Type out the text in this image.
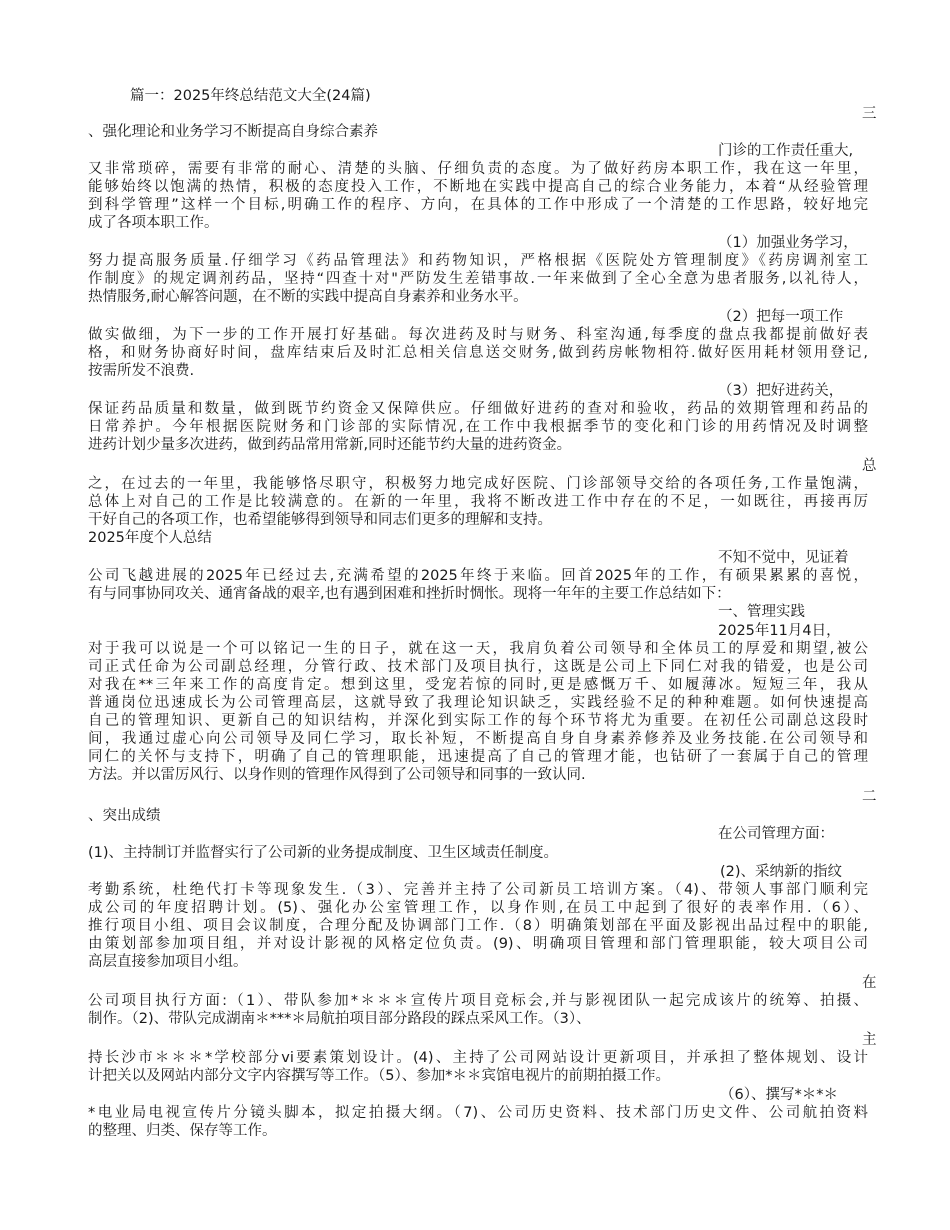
篇一：2025年终总结范文大全(24篇)
三
、强化理论和业务学习不断提高自身综合素养
门诊的工作责任重大,
又非常琐碎，需要有非常的耐心、清楚的头脑、仔细负责的态度。为了做好药房本职工作，我在这一年里，
能够始终以饱满的热情，积极的态度投入工作，不断地在实践中提高自己的综合业务能力，本着“从经验管理
到科学管理”这样一个目标,明确工作的程序、方向，在具体的工作中形成了一个清楚的工作思路，较好地完
成了各项本职工作。
（1）加强业务学习，
努力提高服务质量.仔细学习《药品管理法》和药物知识，严格根据《医院处方管理制度》《药房调剂室工
作制度》的规定调剂药品，坚持“四查十对"严防发生差错事故.一年来做到了全心全意为患者服务,以礼待人，
热情服务,耐心解答问题，在不断的实践中提高自身素养和业务水平。
（2）把每一项工作
做实做细，为下一步的工作开展打好基础。每次进药及时与财务、科室沟通,每季度的盘点我都提前做好表
格，和财务协商好时间，盘库结束后及时汇总相关信息送交财务,做到药房帐物相符.做好医用耗材领用登记,
按需所发不浪费.
（3）把好进药关，
保证药品质量和数量，做到既节约资金又保障供应。仔细做好进药的查对和验收，药品的效期管理和药品的
日常养护。今年根据医院财务和门诊部的实际情况,在工作中我根据季节的变化和门诊的用药情况及时调整
进药计划少量多次进药，做到药品常用常新,同时还能节约大量的进药资金。
总
之，在过去的一年里，我能够恪尽职守，积极努力地完成好医院、门诊部领导交给的各项任务,工作量饱满，
总体上对自己的工作是比较满意的。在新的一年里，我将不断改进工作中存在的不足，一如既往，再接再厉
干好自己的各项工作，也希望能够得到领导和同志们更多的理解和支持。
2025年度个人总结
不知不觉中，见证着
公司飞越进展的2025年已经过去,充满希望的2025年终于来临。回首2025年的工作，有硕果累累的喜悦，
有与同事协同攻关、通宵备战的艰辛,也有遇到困难和挫折时惆怅。现将一年年的主要工作总结如下：
一、管理实践
2025年11月4日，
对于我可以说是一个可以铭记一生的日子，就在这一天，我肩负着公司领导和全体员工的厚爱和期望,被公
司正式任命为公司副总经理，分管行政、技术部门及项目执行，这既是公司上下同仁对我的错爱，也是公司
对我在**三年来工作的高度肯定。想到这里，受宠若惊的同时,更是感慨万千、如履薄冰。短短三年，我从
普通岗位迅速成长为公司管理高层，这就导致了我理论知识缺乏，实践经验不足的种种难题。如何快速提高
自己的管理知识、更新自己的知识结构，并深化到实际工作的每个环节将尤为重要。在初任公司副总这段时
间，我通过虚心向公司领导及同仁学习，取长补短，不断提高自身自身素养修养及业务技能.在公司领导和
同仁的关怀与支持下，明确了自己的管理职能，迅速提高了自己的管理才能，也钻研了一套属于自己的管理
方法。并以雷厉风行、以身作则的管理作风得到了公司领导和同事的一致认同.
二
、突出成绩
在公司管理方面：
(1)、主持制订并监督实行了公司新的业务提成制度、卫生区域责任制度。
(2)、采纳新的指纹
考勤系统，杜绝代打卡等现象发生.（3）、完善并主持了公司新员工培训方案。（4)、带领人事部门顺利完
成公司的年度招聘计划。(5)、强化办公室管理工作，以身作则,在员工中起到了很好的表率作用.（6）、
推行项目小组、项目会议制度，合理分配及协调部门工作.（8）明确策划部在平面及影视出品过程中的职能,
由策划部参加项目组，并对设计影视的风格定位负责。(9)、明确项目管理和部门管理职能，较大项目公司
高层直接参加项目小组。
在
公司项目执行方面:（1）、带队参加*＊＊＊宣传片项目竞标会,并与影视团队一起完成该片的统筹、拍摄、
制作。（2)、带队完成湖南＊***＊局航拍项目部分路段的踩点采风工作。（3）、
主
持长沙市＊＊＊*学校部分vi要素策划设计。(4)、主持了公司网站设计更新项目，并承担了整体规划、设计
计把关以及网站内部分文字内容撰写等工作。（5）、参加*＊＊宾馆电视片的前期拍摄工作。
（6）、撰写*＊*＊
*电业局电视宣传片分镜头脚本，拟定拍摄大纲。（7)、公司历史资料、技术部门历史文件、公司航拍资料
的整理、归类、保存等工作。
